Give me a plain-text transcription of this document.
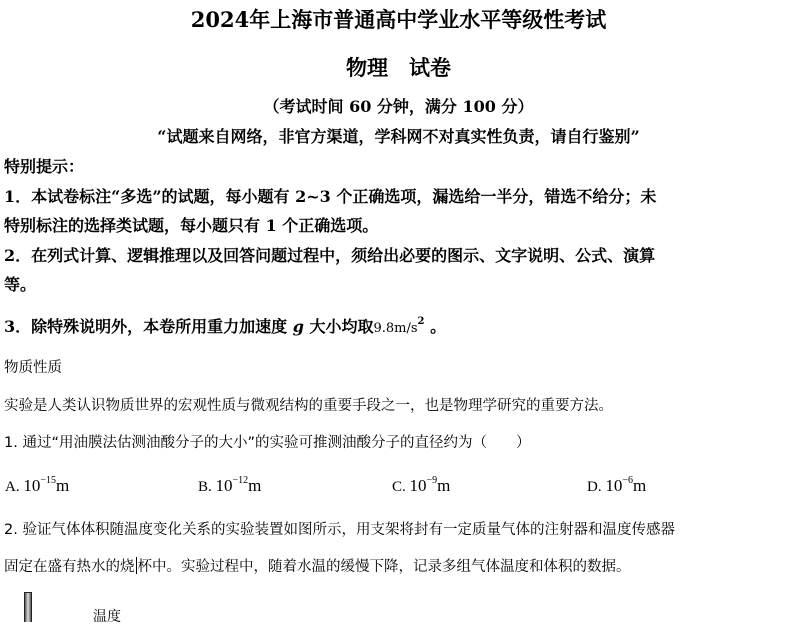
2024年上海市普通高中学业水平等级性考试
物理　试卷
（考试时间 60 分钟，满分 100 分）
“试题来自网络，非官方渠道，学科网不对真实性负责，请自行鉴别”
特别提示：
1．本试卷标注“多选”的试题，每小题有 2~3 个正确选项，漏选给一半分，错选不给分；未
特别标注的选择类试题，每小题只有 1 个正确选项。
2．在列式计算、逻辑推理以及回答问题过程中，须给出必要的图示、文字说明、公式、演算
等。
3．除特殊说明外，本卷所用重力加速度 g 大小均取$9.8m/s^2$ 。
物质性质
实验是人类认识物质世界的宏观性质与微观结构的重要手段之一，也是物理学研究的重要方法。
1. 通过“用油膜法估测油酸分子的大小”的实验可推测油酸分子的直径约为（　　）
A. $10^{-15}m$	B. $10^{-12}m$	C. $10^{-9}m$	D. $10^{-6}m$
2. 验证气体体积随温度变化关系的实验装置如图所示，用支架将封有一定质量气体的注射器和温度传感器
固定在盛有热水的烧 杯中。实验过程中，随着水温的缓慢下降，记录多组气体温度和体积的数据。
温度
